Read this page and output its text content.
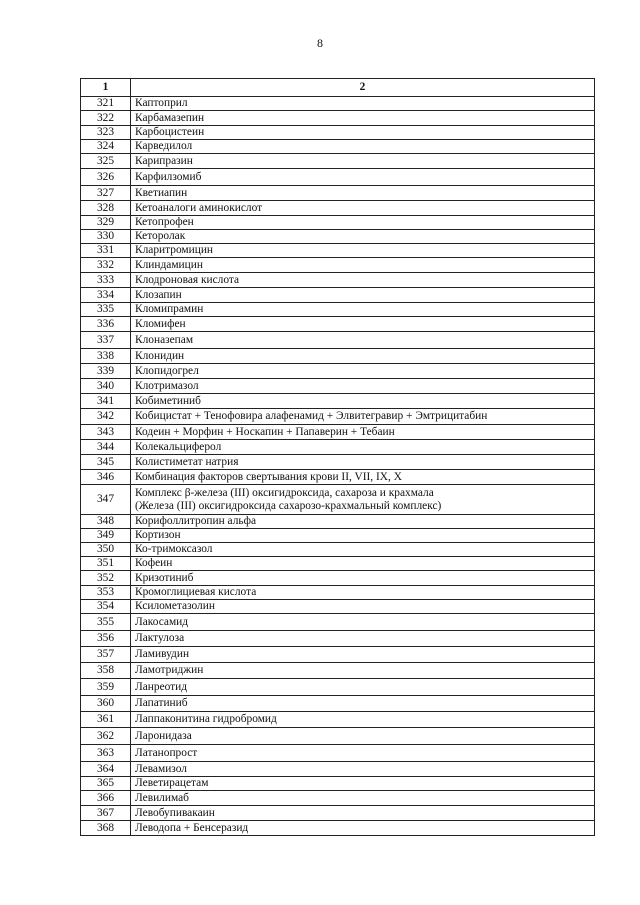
8
1	2
321	Каптоприл
322	Карбамазепин
323	Карбоцистеин
324	Карведилол
325	Карипразин
326	Карфилзомиб
327	Кветиапин
328	Кетоаналоги аминокислот
329	Кетопрофен
330	Кеторолак
331	Кларитромицин
332	Клиндамицин
333	Клодроновая кислота
334	Клозапин
335	Кломипрамин
336	Кломифен
337	Клоназепам
338	Клонидин
339	Клопидогрел
340	Клотримазол
341	Кобиметиниб
342	Кобицистат + Тенофовира алафенамид + Элвитегравир + Эмтрицитабин
343	Кодеин + Морфин + Носкапин + Папаверин + Тебаин
344	Колекальциферол
345	Колистиметат натрия
346	Комбинация факторов свертывания крови II, VII, IX, X
347	Комплекс β-железа (III) оксигидроксида, сахароза и крахмала
(Железа (III) оксигидроксида сахарозо-крахмальный комплекс)

348	Корифоллитропин альфа
349	Кортизон
350	Ко-тримоксазол
351	Кофеин
352	Кризотиниб
353	Кромоглициевая кислота
354	Ксилометазолин
355	Лакосамид
356	Лактулоза
357	Ламивудин
358	Ламотриджин
359	Ланреотид
360	Лапатиниб
361	Лаппаконитина гидробромид
362	Ларонидаза
363	Латанопрост
364	Левамизол
365	Леветирацетам
366	Левилимаб
367	Левобупивакаин
368	Леводопа + Бенсеразид
